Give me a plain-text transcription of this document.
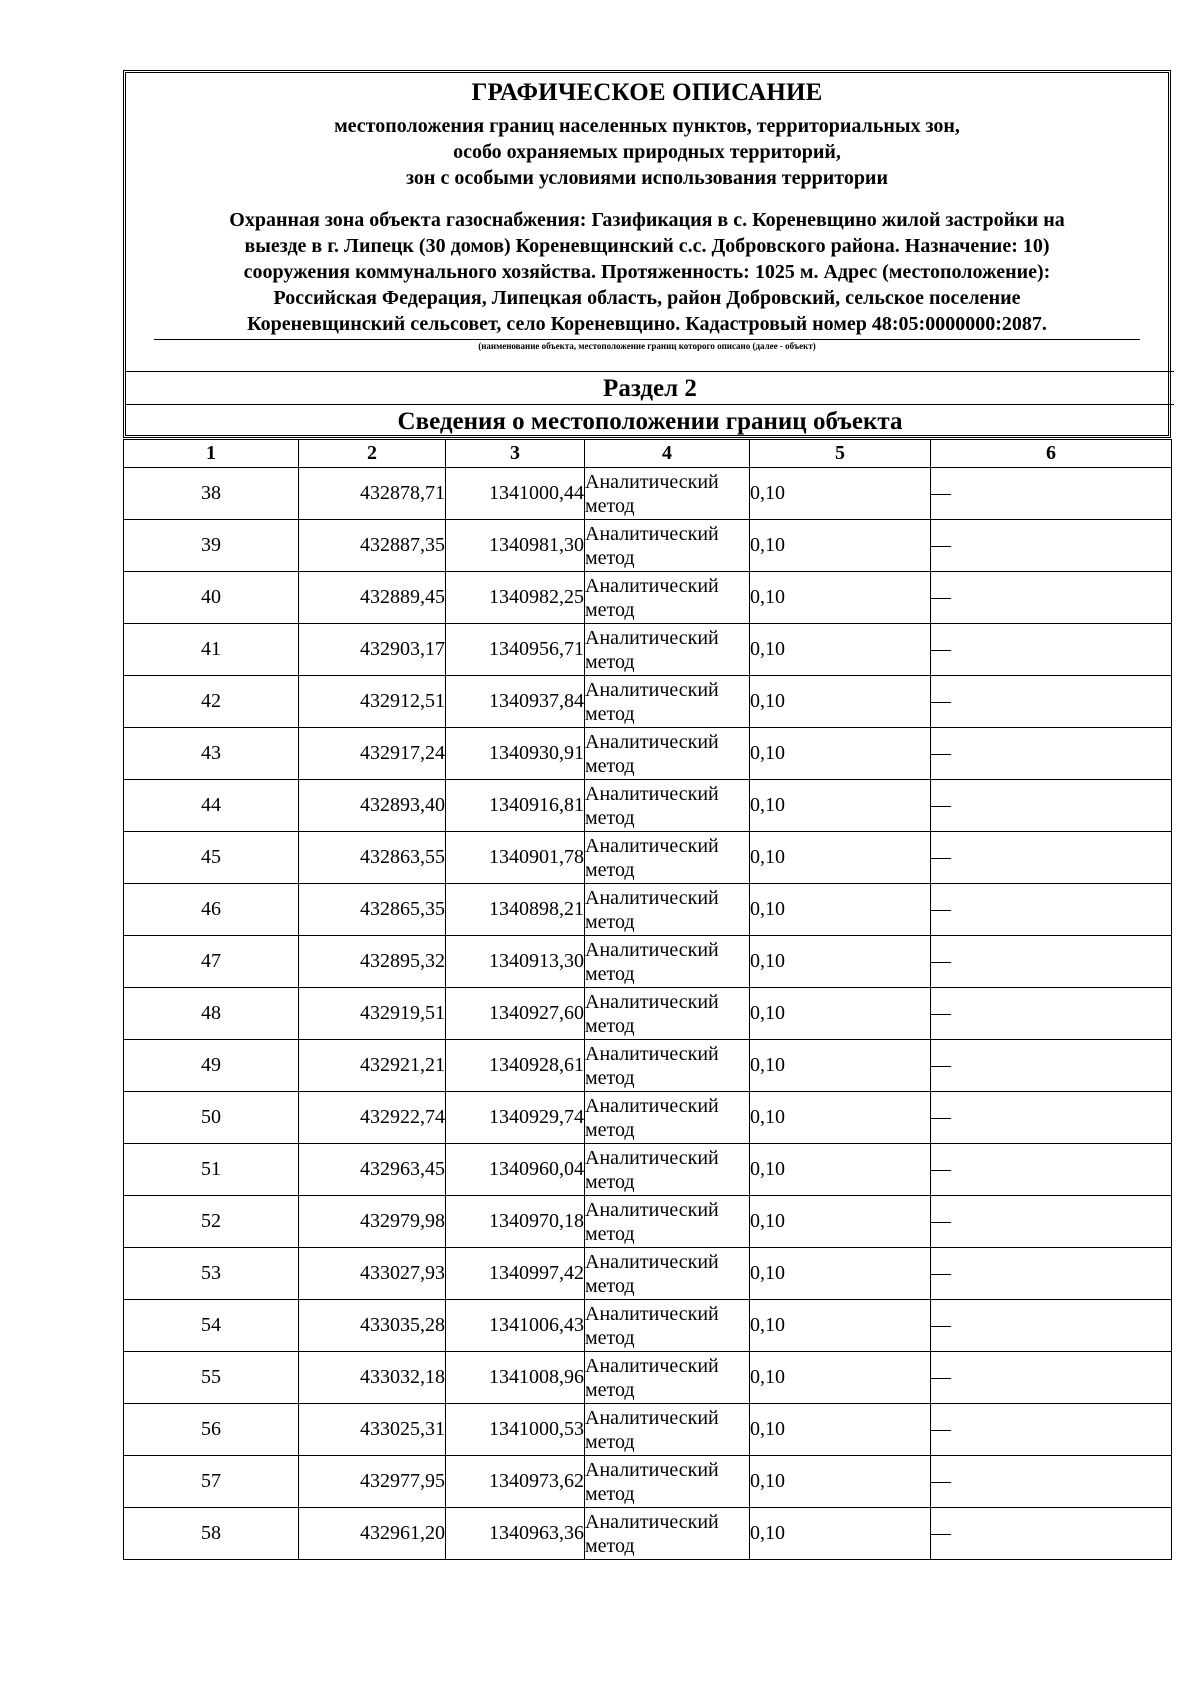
ГРАФИЧЕСКОЕ ОПИСАНИЕ
местоположения границ населенных пунктов, территориальных зон,
особо охраняемых природных территорий,
зон с особыми условиями использования территории
Охранная зона объекта газоснабжения: Газификация в с. Кореневщино жилой застройки на
выезде в г. Липецк (30 домов) Кореневщинский с.с. Добровского района. Назначение: 10)
сооружения коммунального хозяйства. Протяженность: 1025 м. Адрес (местоположение):
Российская Федерация, Липецкая область, район Добровский, сельское поселение
Кореневщинский сельсовет, село Кореневщино. Кадастровый номер 48:05:0000000:2087.
(наименование объекта, местоположение границ которого описано (далее - объект)
Раздел 2
Сведения о местоположении границ объекта
1	2	3	4	5	6
38	432878,71	1341000,44	Аналитический метод	0,10	—
39	432887,35	1340981,30	Аналитический метод	0,10	—
40	432889,45	1340982,25	Аналитический метод	0,10	—
41	432903,17	1340956,71	Аналитический метод	0,10	—
42	432912,51	1340937,84	Аналитический метод	0,10	—
43	432917,24	1340930,91	Аналитический метод	0,10	—
44	432893,40	1340916,81	Аналитический метод	0,10	—
45	432863,55	1340901,78	Аналитический метод	0,10	—
46	432865,35	1340898,21	Аналитический метод	0,10	—
47	432895,32	1340913,30	Аналитический метод	0,10	—
48	432919,51	1340927,60	Аналитический метод	0,10	—
49	432921,21	1340928,61	Аналитический метод	0,10	—
50	432922,74	1340929,74	Аналитический метод	0,10	—
51	432963,45	1340960,04	Аналитический метод	0,10	—
52	432979,98	1340970,18	Аналитический метод	0,10	—
53	433027,93	1340997,42	Аналитический метод	0,10	—
54	433035,28	1341006,43	Аналитический метод	0,10	—
55	433032,18	1341008,96	Аналитический метод	0,10	—
56	433025,31	1341000,53	Аналитический метод	0,10	—
57	432977,95	1340973,62	Аналитический метод	0,10	—
58	432961,20	1340963,36	Аналитический метод	0,10	—
